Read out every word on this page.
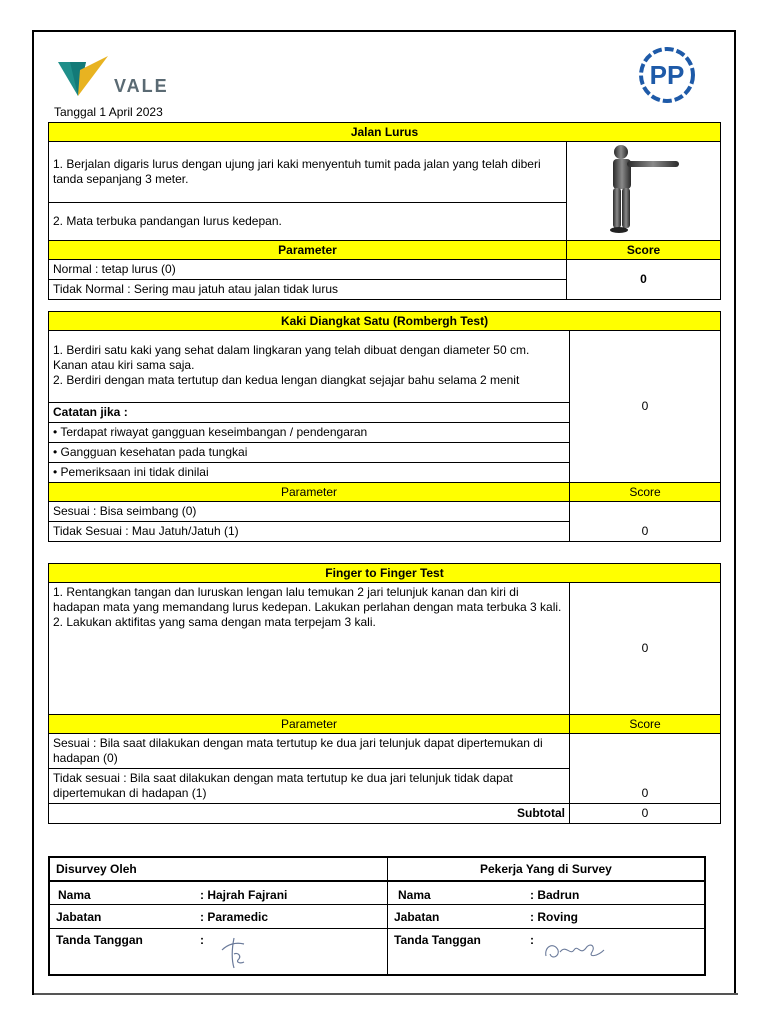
VALE	PP
Tanggal 1 April 2023
Jalan Lurus	
1. Berjalan digaris lurus dengan ujung jari kaki menyentuh tumit pada jalan yang telah diberi tanda sepanjang 3 meter.	
2. Mata terbuka pandangan lurus kedepan.	
Parameter	Score
Normal : tetap lurus (0)	0
Tidak Normal : Sering mau jatuh atau jalan tidak lurus	
Kaki Diangkat Satu (Rombergh Test)	

1. Berdiri satu kaki yang sehat dalam lingkaran yang telah dibuat dengan diameter 50 cm. Kanan atau kiri sama saja.
2. Berdiri dengan mata tertutup dan kedua lengan diangkat sejajar bahu selama 2 menit	0
Catatan jika :	
• Terdapat riwayat gangguan keseimbangan / pendengaran	
• Gangguan kesehatan pada tungkai	
• Pemeriksaan ini tidak dinilai	
Parameter	Score
Sesuai : Bisa seimbang (0)	0
Tidak Sesuai : Mau Jatuh/Jatuh (1)	
Finger to Finger Test	

1. Rentangkan tangan dan luruskan lengan lalu temukan 2 jari telunjuk kanan dan kiri di hadapan mata yang memandang lurus kedepan. Lakukan perlahan dengan mata terbuka 3 kali.
2. Lakukan aktifitas yang sama dengan mata terpejam 3 kali.	0
Parameter	Score
Sesuai : Bila saat dilakukan dengan mata tertutup ke dua jari telunjuk dapat dipertemukan di hadapan (0)	0
Tidak sesuai : Bila saat dilakukan dengan mata tertutup ke dua jari telunjuk tidak dapat dipertemukan di hadapan (1)	
Subtotal	0
Disurvey Oleh	Pekerja Yang di Survey
Nama	: Hajrah Fajrani	Nama	: Badrun
Jabatan	: Paramedic	Jabatan	: Roving
Tanda Tanggan	:	Tanda Tanggan	:
